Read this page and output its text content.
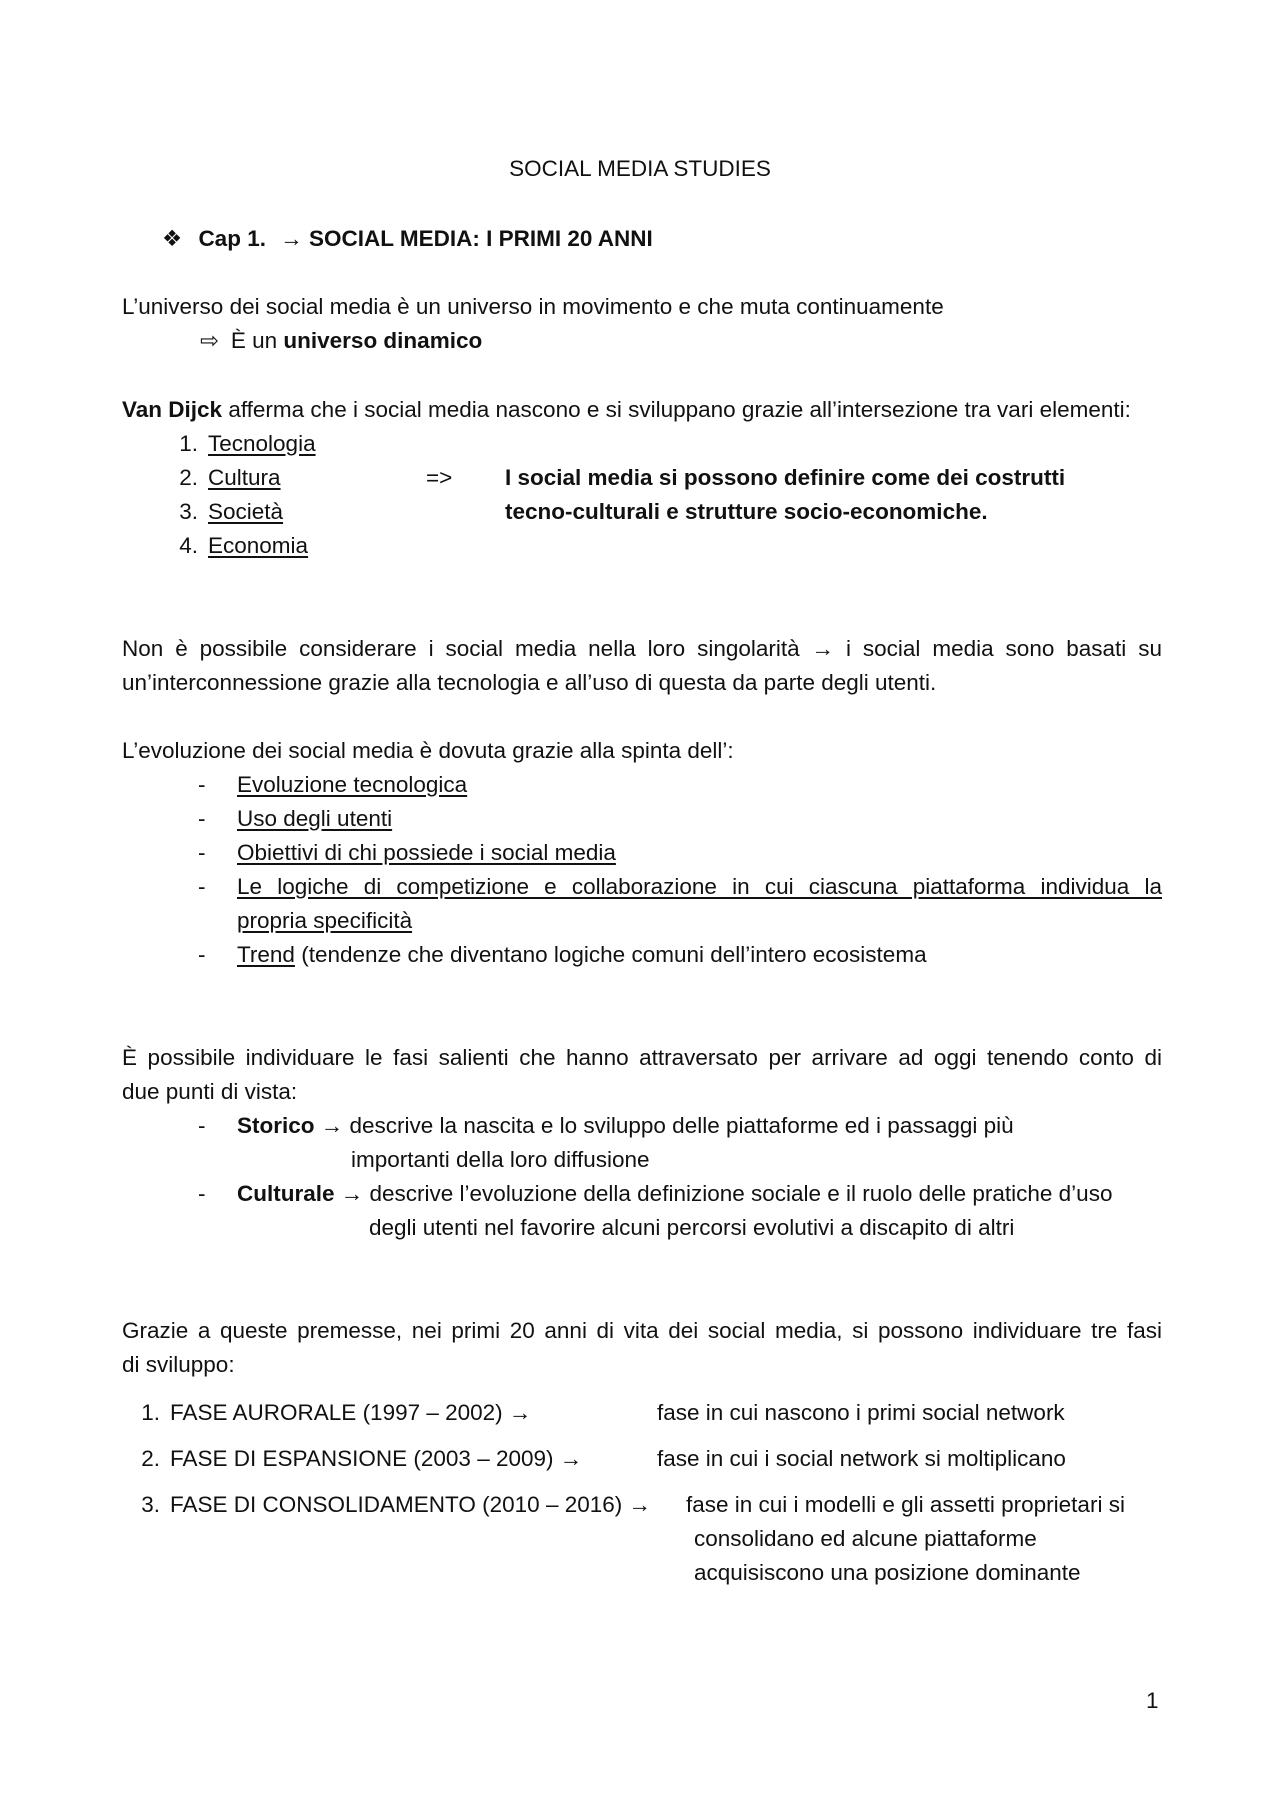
SOCIAL MEDIA STUDIES
❖ Cap 1. → SOCIAL MEDIA: I PRIMI 20 ANNI
L’universo dei social media è un universo in movimento e che muta continuamente
⇨ È un universo dinamico
Van Dijck afferma che i social media nascono e si sviluppano grazie all’intersezione tra vari elementi:
1. Tecnologia
2. Cultura
3. Società
4. Economia
=> I social media si possono definire come dei costrutti
tecno-culturali e strutture socio-economiche.
Non è possibile considerare i social media nella loro singolarità → i social media sono basati su
un’interconnessione grazie alla tecnologia e all’uso di questa da parte degli utenti.
L’evoluzione dei social media è dovuta grazie alla spinta dell’:
- Evoluzione tecnologica
- Uso degli utenti
- Obiettivi di chi possiede i social media
- Le logiche di competizione e collaborazione in cui ciascuna piattaforma individua la
propria specificità
- Trend (tendenze che diventano logiche comuni dell’intero ecosistema
È possibile individuare le fasi salienti che hanno attraversato per arrivare ad oggi tenendo conto di
due punti di vista:
- Storico → descrive la nascita e lo sviluppo delle piattaforme ed i passaggi più
importanti della loro diffusione
- Culturale → descrive l’evoluzione della definizione sociale e il ruolo delle pratiche d’uso
degli utenti nel favorire alcuni percorsi evolutivi a discapito di altri
Grazie a queste premesse, nei primi 20 anni di vita dei social media, si possono individuare tre fasi
di sviluppo:
1. FASE AURORALE (1997 – 2002) →	fase in cui nascono i primi social network
2. FASE DI ESPANSIONE (2003 – 2009) →	fase in cui i social network si moltiplicano
3. FASE DI CONSOLIDAMENTO (2010 – 2016) → fase in cui i modelli e gli assetti proprietari si
consolidano ed alcune piattaforme
acquisiscono una posizione dominante
1
